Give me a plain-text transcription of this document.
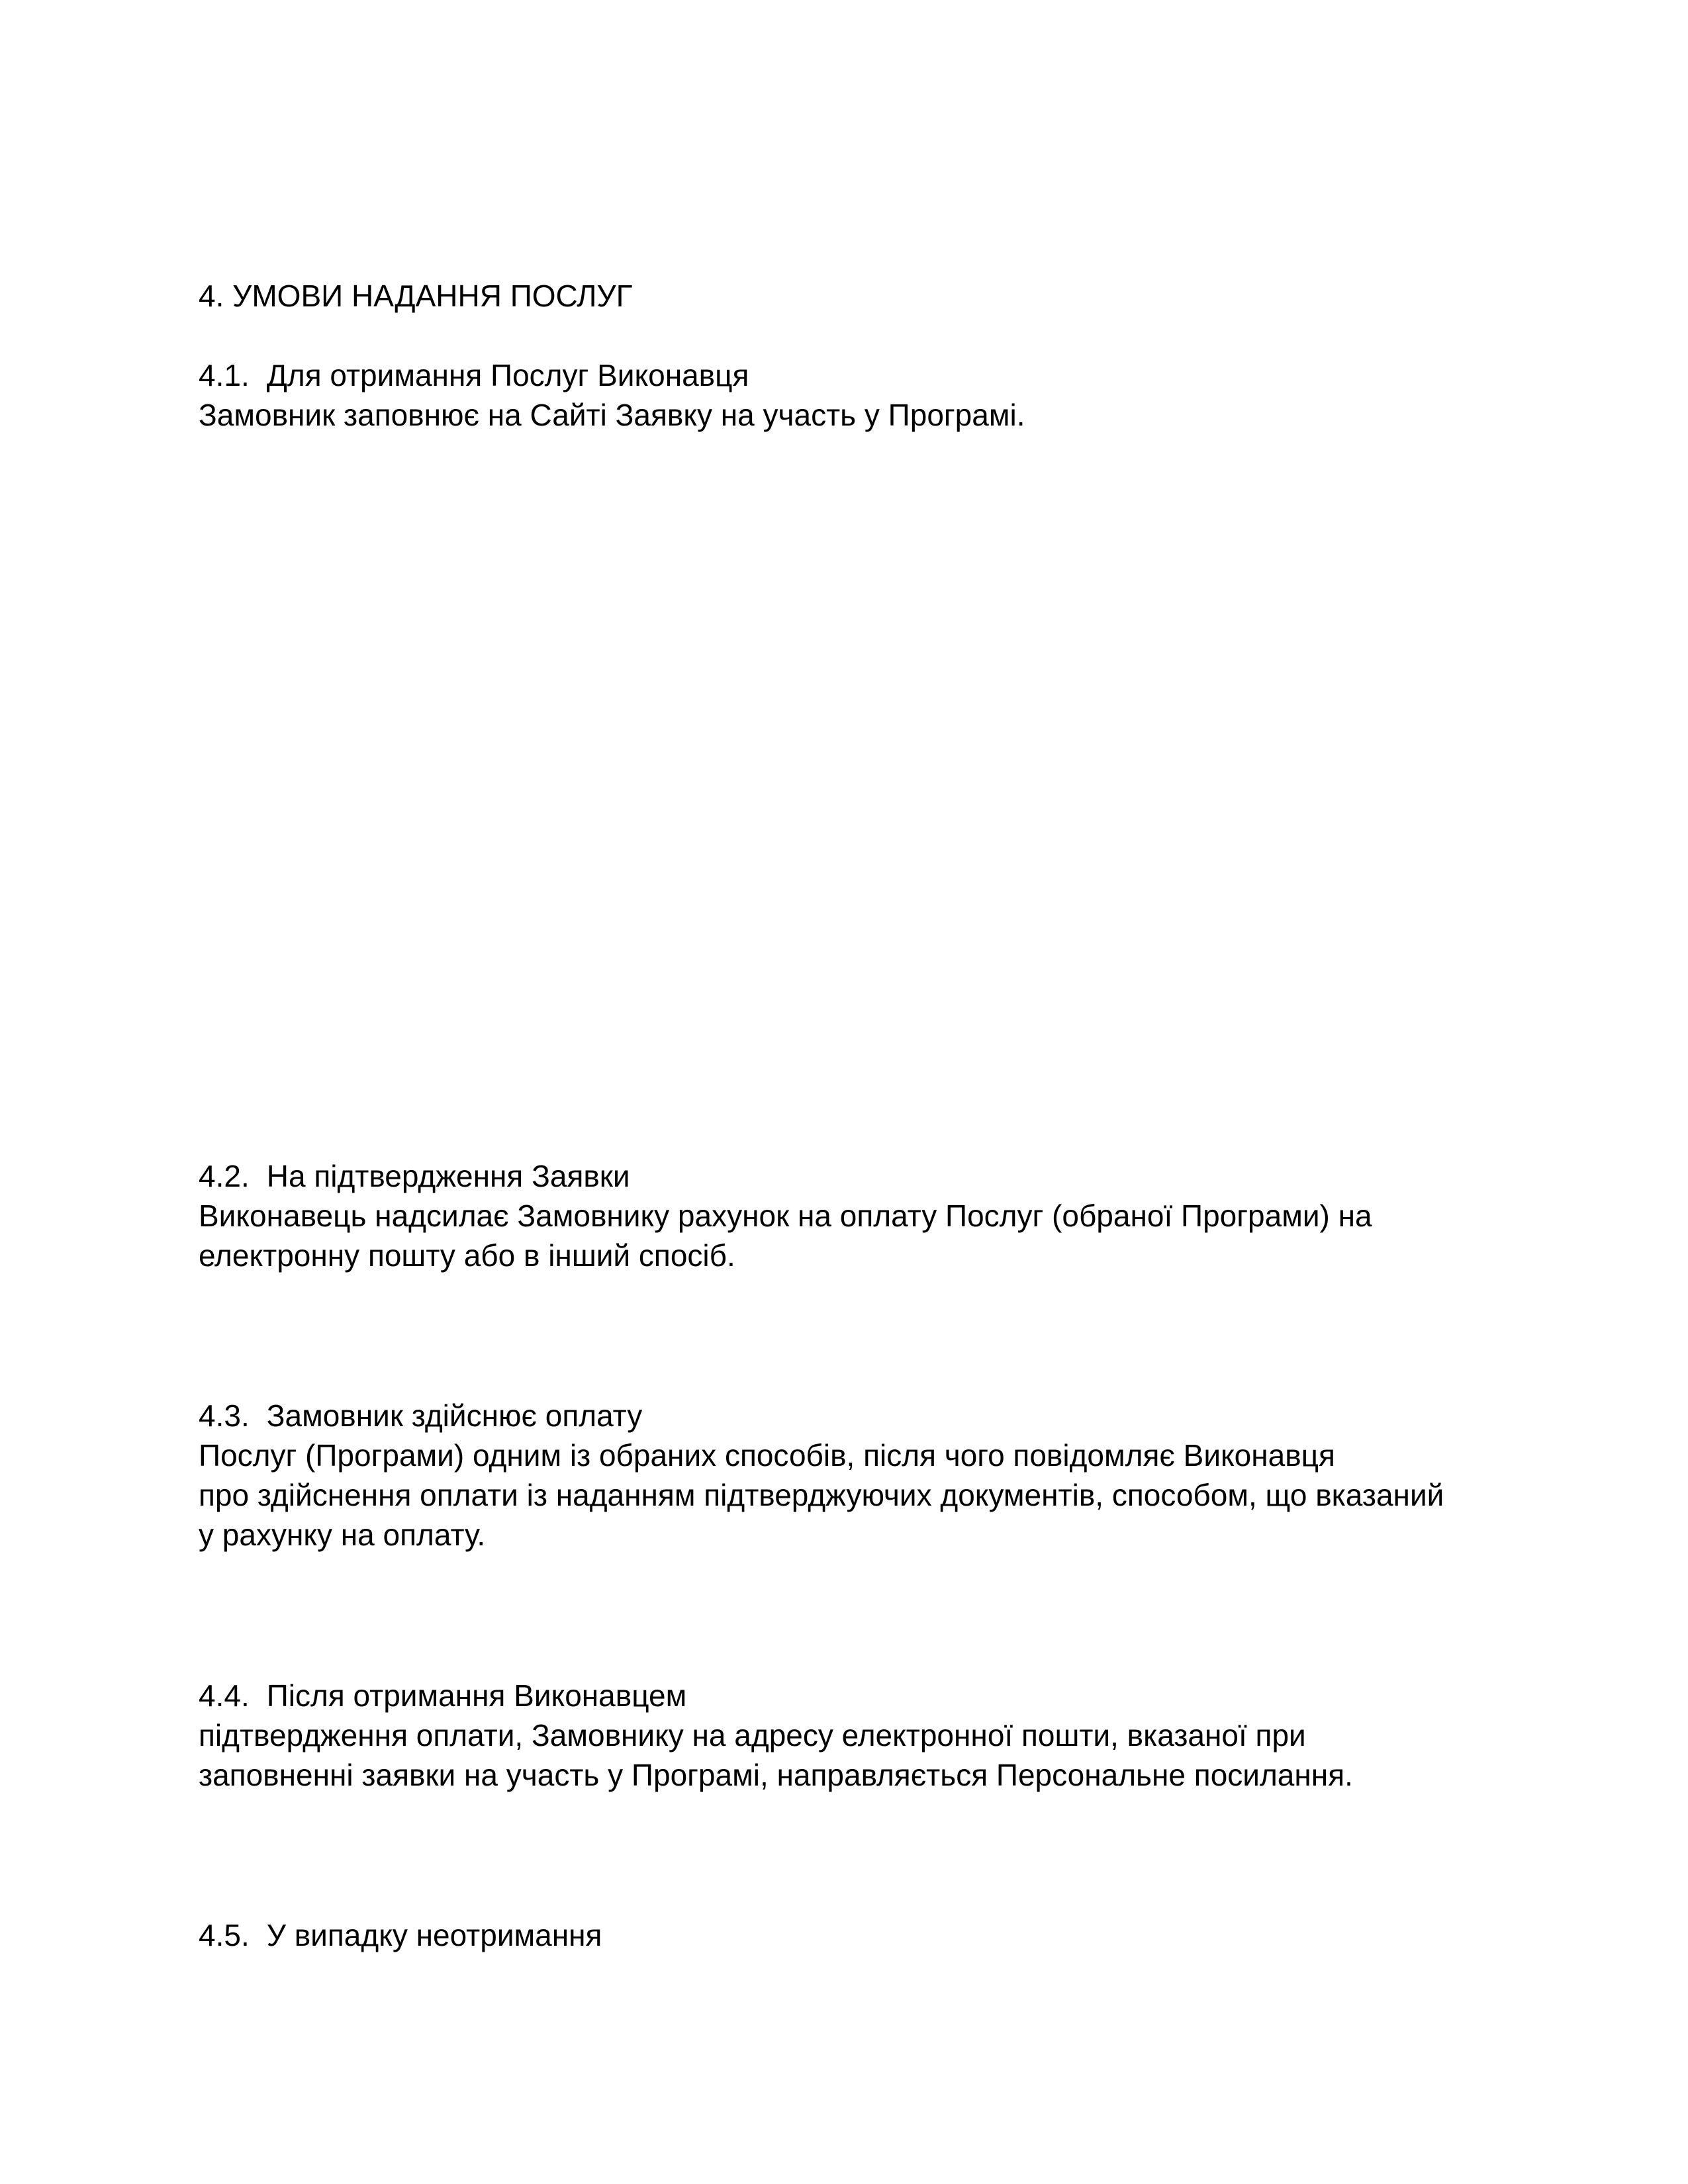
4. УМОВИ НАДАННЯ ПОСЛУГ

4.1. Для отримання Послуг Виконавця

Замовник заповнює на Сайті Заявку на участь у Програмі.

4.2. На підтвердження Заявки

Виконавець надсилає Замовнику рахунок на оплату Послуг (обраної Програми) на

електронну пошту або в інший спосіб.

4.3. Замовник здійснює оплату

Послуг (Програми) одним із обраних способів, після чого повідомляє Виконавця

про здійснення оплати із наданням підтверджуючих документів, способом, що вказаний

у рахунку на оплату.

4.4. Після отримання Виконавцем

підтвердження оплати, Замовнику на адресу електронної пошти, вказаної при

заповненні заявки на участь у Програмі, направляється Персональне посилання.

4.5. У випадку неотримання
